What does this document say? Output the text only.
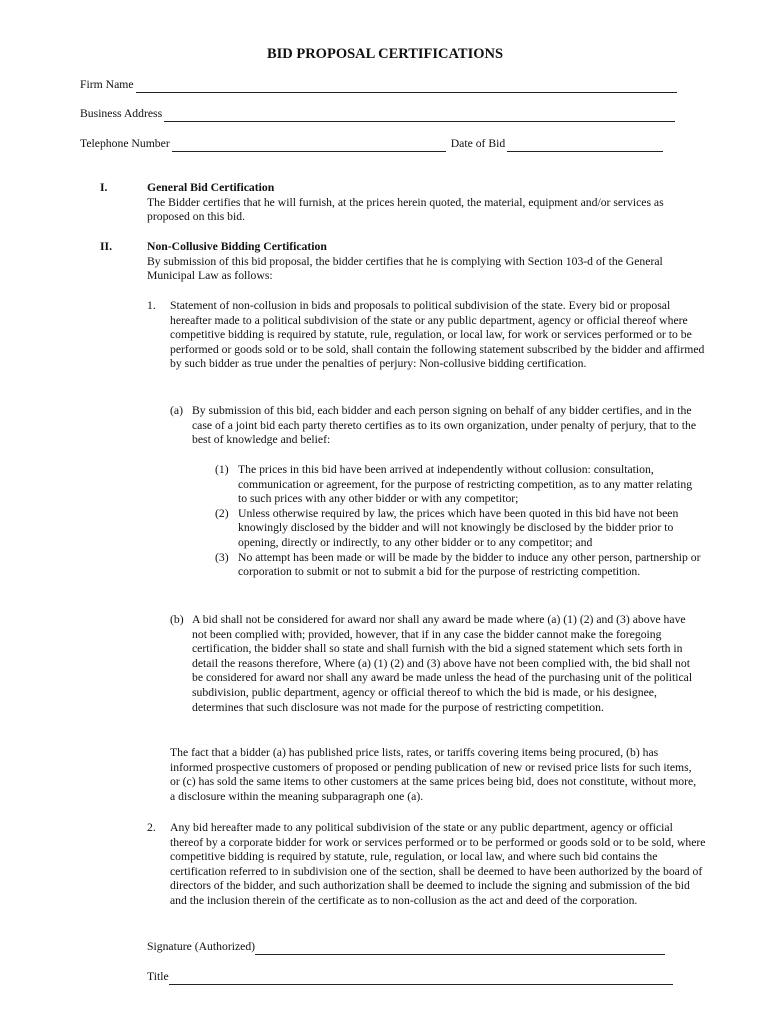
BID PROPOSAL CERTIFICATIONS
Firm Name
Business Address
Telephone Number	Date of Bid
I.	General Bid Certification

The Bidder certifies that he will furnish, at the prices herein quoted, the material, equipment and/or services as proposed on this bid.

II.	Non-Collusive Bidding Certification

By submission of this bid proposal, the bidder certifies that he is complying with Section 103-d of the General Municipal Law as follows:

1.	Statement of non-collusion in bids and proposals to political subdivision of the state. Every bid or proposal hereafter made to a political subdivision of the state or any public department, agency or official thereof where competitive bidding is required by statute, rule, regulation, or local law, for work or services performed or to be performed or goods sold or to be sold, shall contain the following statement subscribed by the bidder and affirmed by such bidder as true under the penalties of perjury: Non-collusive bidding certification.
(a) By submission of this bid, each bidder and each person signing on behalf of any bidder certifies, and in the case of a joint bid each party thereto certifies as to its own organization, under penalty of perjury, that to the best of knowledge and belief:
(1) The prices in this bid have been arrived at independently without collusion: consultation, communication or agreement, for the purpose of restricting competition, as to any matter relating to such prices with any other bidder or with any competitor;
(2) Unless otherwise required by law, the prices which have been quoted in this bid have not been knowingly disclosed by the bidder and will not knowingly be disclosed by the bidder prior to opening, directly or indirectly, to any other bidder or to any competitor; and
(3) No attempt has been made or will be made by the bidder to induce any other person, partnership or corporation to submit or not to submit a bid for the purpose of restricting competition.
(b) A bid shall not be considered for award nor shall any award be made where (a) (1) (2) and (3) above have not been complied with; provided, however, that if in any case the bidder cannot make the foregoing certification, the bidder shall so state and shall furnish with the bid a signed statement which sets forth in detail the reasons therefore, Where (a) (1) (2) and (3) above have not been complied with, the bid shall not be considered for award nor shall any award be made unless the head of the purchasing unit of the political subdivision, public department, agency or official thereof to which the bid is made, or his designee, determines that such disclosure was not made for the purpose of restricting competition.

The fact that a bidder (a) has published price lists, rates, or tariffs covering items being procured, (b) has informed prospective customers of proposed or pending publication of new or revised price lists for such items, or (c) has sold the same items to other customers at the same prices being bid, does not constitute, without more, a disclosure within the meaning subparagraph one (a).

2.	Any bid hereafter made to any political subdivision of the state or any public department, agency or official thereof by a corporate bidder for work or services performed or to be performed or goods sold or to be sold, where competitive bidding is required by statute, rule, regulation, or local law, and where such bid contains the certification referred to in subdivision one of the section, shall be deemed to have been authorized by the board of directors of the bidder, and such authorization shall be deemed to include the signing and submission of the bid and the inclusion therein of the certificate as to non-collusion as the act and deed of the corporation.
Signature (Authorized)
Title
